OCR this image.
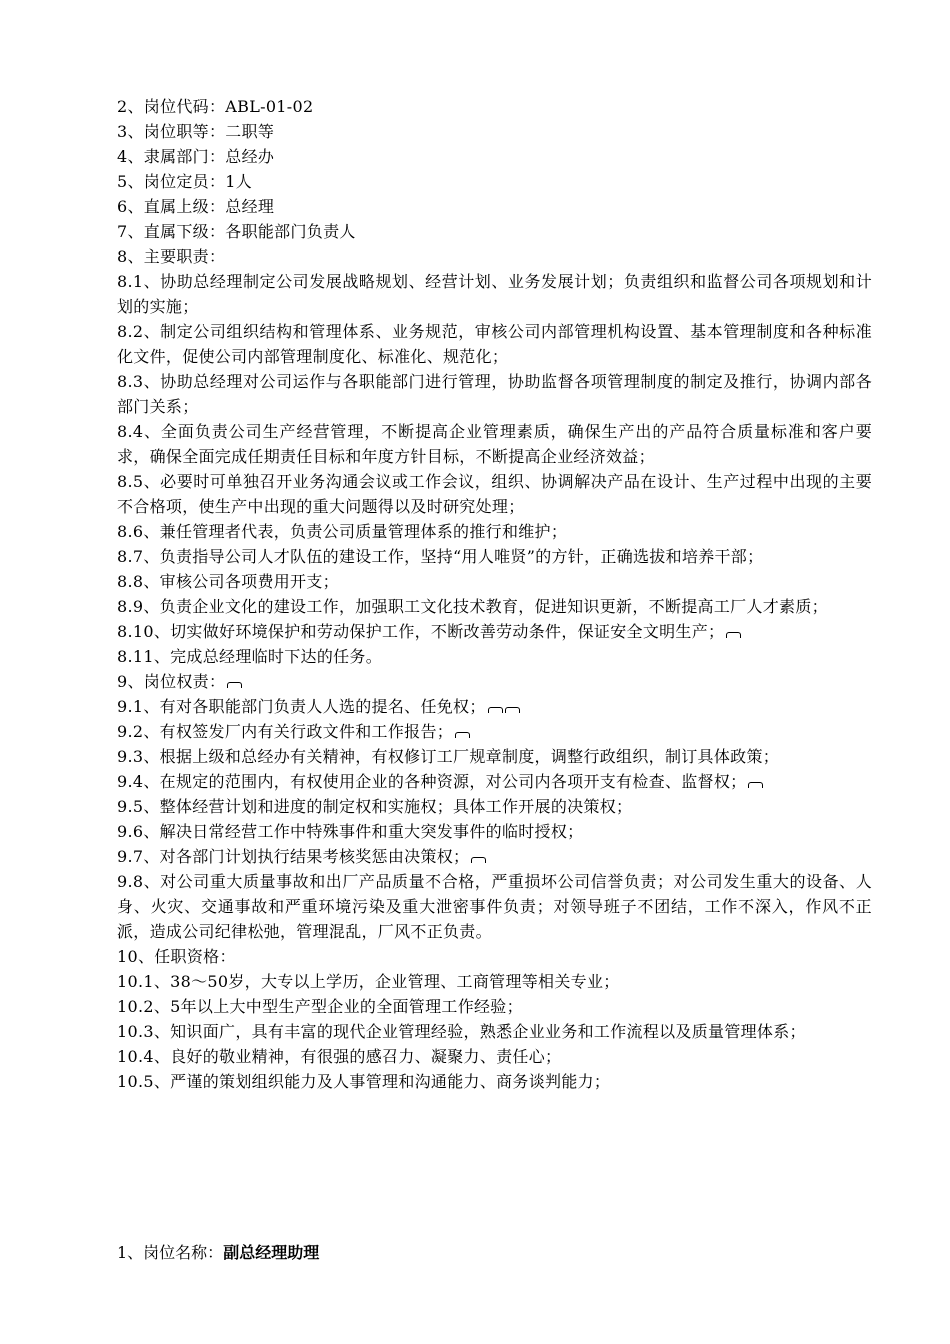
2、岗位代码：ABL-01-02
3、岗位职等：二职等
4、隶属部门：总经办
5、岗位定员：1人
6、直属上级：总经理
7、直属下级：各职能部门负责人
8、主要职责：
8.1、协助总经理制定公司发展战略规划、经营计划、业务发展计划；负责组织和监督公司各项规划和计划的实施；
8.2、制定公司组织结构和管理体系、业务规范，审核公司内部管理机构设置、基本管理制度和各种标准化文件，促使公司内部管理制度化、标准化、规范化；
8.3、协助总经理对公司运作与各职能部门进行管理，协助监督各项管理制度的制定及推行，协调内部各部门关系；
8.4、全面负责公司生产经营管理，不断提高企业管理素质，确保生产出的产品符合质量标准和客户要求，确保全面完成任期责任目标和年度方针目标，不断提高企业经济效益；
8.5、必要时可单独召开业务沟通会议或工作会议，组织、协调解决产品在设计、生产过程中出现的主要不合格项，使生产中出现的重大问题得以及时研究处理；
8.6、兼任管理者代表，负责公司质量管理体系的推行和维护；
8.7、负责指导公司人才队伍的建设工作，坚持“用人唯贤”的方针，正确选拔和培养干部；
8.8、审核公司各项费用开支；
8.9、负责企业文化的建设工作，加强职工文化技术教育，促进知识更新，不断提高工厂人才素质；
8.10、切实做好环境保护和劳动保护工作，不断改善劳动条件，保证安全文明生产；
8.11、完成总经理临时下达的任务。
9、岗位权责：
9.1、有对各职能部门负责人人选的提名、任免权；
9.2、有权签发厂内有关行政文件和工作报告；
9.3、根据上级和总经办有关精神，有权修订工厂规章制度，调整行政组织，制订具体政策；
9.4、在规定的范围内，有权使用企业的各种资源，对公司内各项开支有检查、监督权；
9.5、整体经营计划和进度的制定权和实施权；具体工作开展的决策权；
9.6、解决日常经营工作中特殊事件和重大突发事件的临时授权；
9.7、对各部门计划执行结果考核奖惩由决策权；
9.8、对公司重大质量事故和出厂产品质量不合格，严重损坏公司信誉负责；对公司发生重大的设备、人身、火灾、交通事故和严重环境污染及重大泄密事件负责；对领导班子不团结，工作不深入，作风不正派，造成公司纪律松弛，管理混乱，厂风不正负责。
10、任职资格：
10.1、38～50岁，大专以上学历，企业管理、工商管理等相关专业；
10.2、5年以上大中型生产型企业的全面管理工作经验；
10.3、知识面广，具有丰富的现代企业管理经验，熟悉企业业务和工作流程以及质量管理体系；
10.4、良好的敬业精神，有很强的感召力、凝聚力、责任心；
10.5、严谨的策划组织能力及人事管理和沟通能力、商务谈判能力；
1、岗位名称：副总经理助理
